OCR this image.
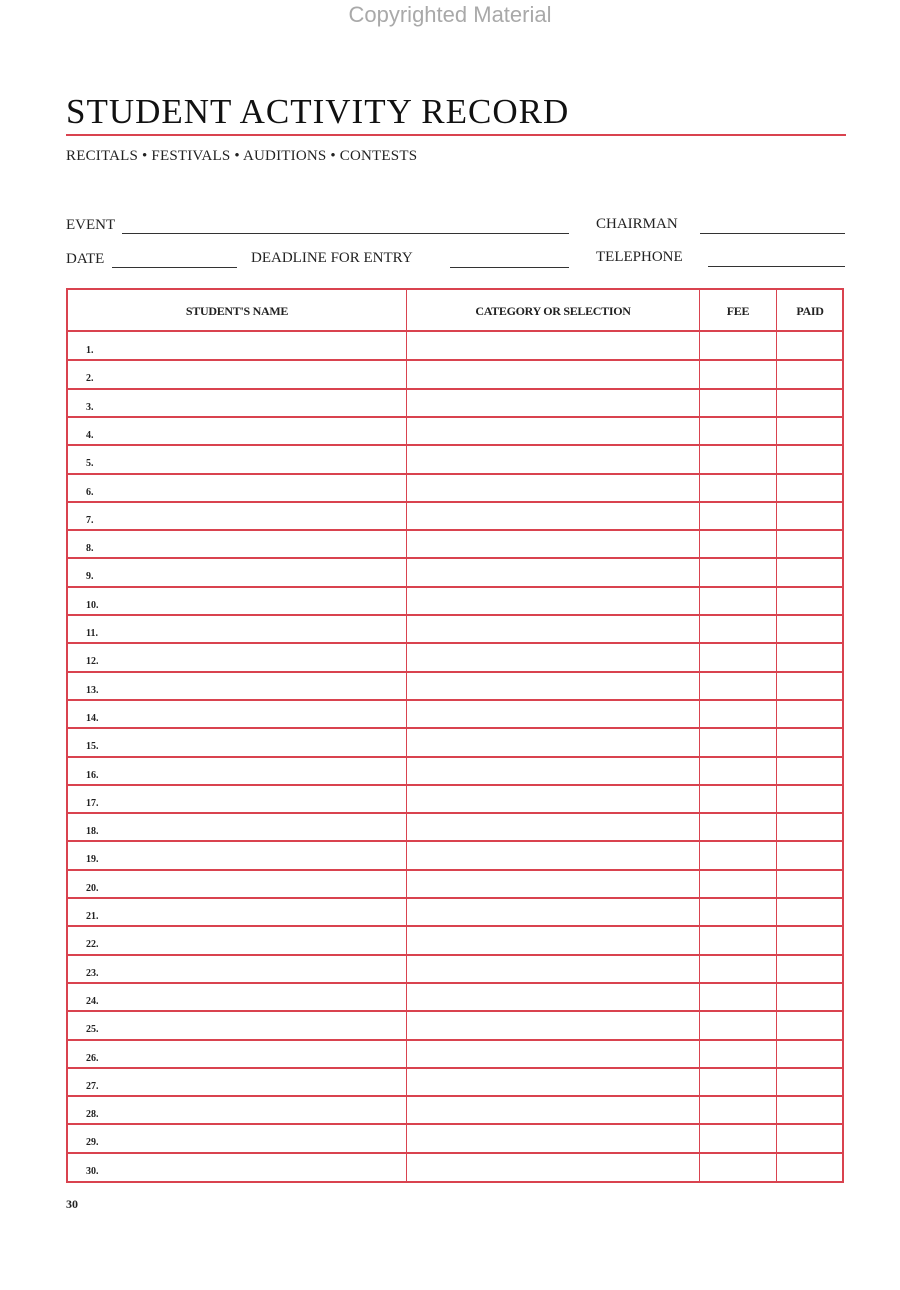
Copyrighted Material
STUDENT ACTIVITY RECORD
RECITALS • FESTIVALS • AUDITIONS • CONTESTS
EVENT	CHAIRMAN
DATE	DEADLINE FOR ENTRY	TELEPHONE
STUDENT'S NAME	CATEGORY OR SELECTION	FEE	PAID
1.
2.
3.
4.
5.
6.
7.
8.
9.
10.
11.
12.
13.
14.
15.
16.
17.
18.
19.
20.
21.
22.
23.
24.
25.
26.
27.
28.
29.
30.
30
